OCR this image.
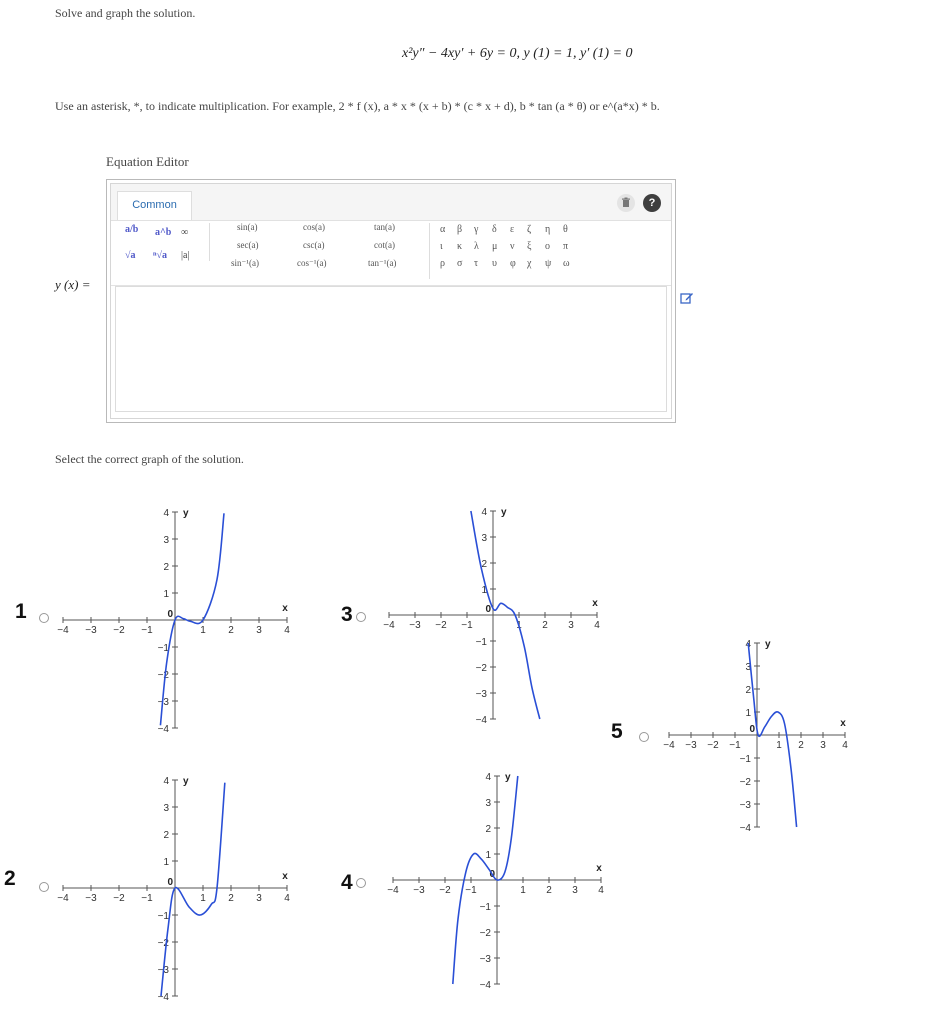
Solve and graph the solution.
x²y″ − 4xy′ + 6y = 0, y (1) = 1, y′ (1) = 0
Use an asterisk, *, to indicate multiplication. For example, 2 * f (x), a * x * (x + b) * (c * x + d), b * tan (a * θ) or e^(a*x) * b.
Equation Editor
y (x) =
Common	?
a/b a^b ∞
√a ⁿ√a |a|
sin(a)	cos(a)	tan(a)
sec(a)	csc(a)	cot(a)
sin⁻¹(a)	cos⁻¹(a)	tan⁻¹(a)
α β γ δ ε ζ η θ
ι κ λ μ ν ξ ο π
ρ σ τ υ φ χ ψ ω
Select the correct graph of the solution.
1	3
5
2	4
−4 −3 −2 −1	1 2 3 4
4
3
2
1
−1
−2
−3
−4
0
x
y
−4 −3 −2 −1	1 2 3 4
4
3
2
1
−1
−2
−3
−4
0
x
y
−4 −3 −2 −1	1 2 3 4
4
3
2
1
−1
−2
−3
−4
0
x
y
−4 −3 −2 −1	1 2 3 4
4
3
2
1
−1
−2
−3
−4
0
x
y
−4 −3 −2 −1	1 2 3 4
4
3
2
1
−1
−2
−3
−4
0
x
y
